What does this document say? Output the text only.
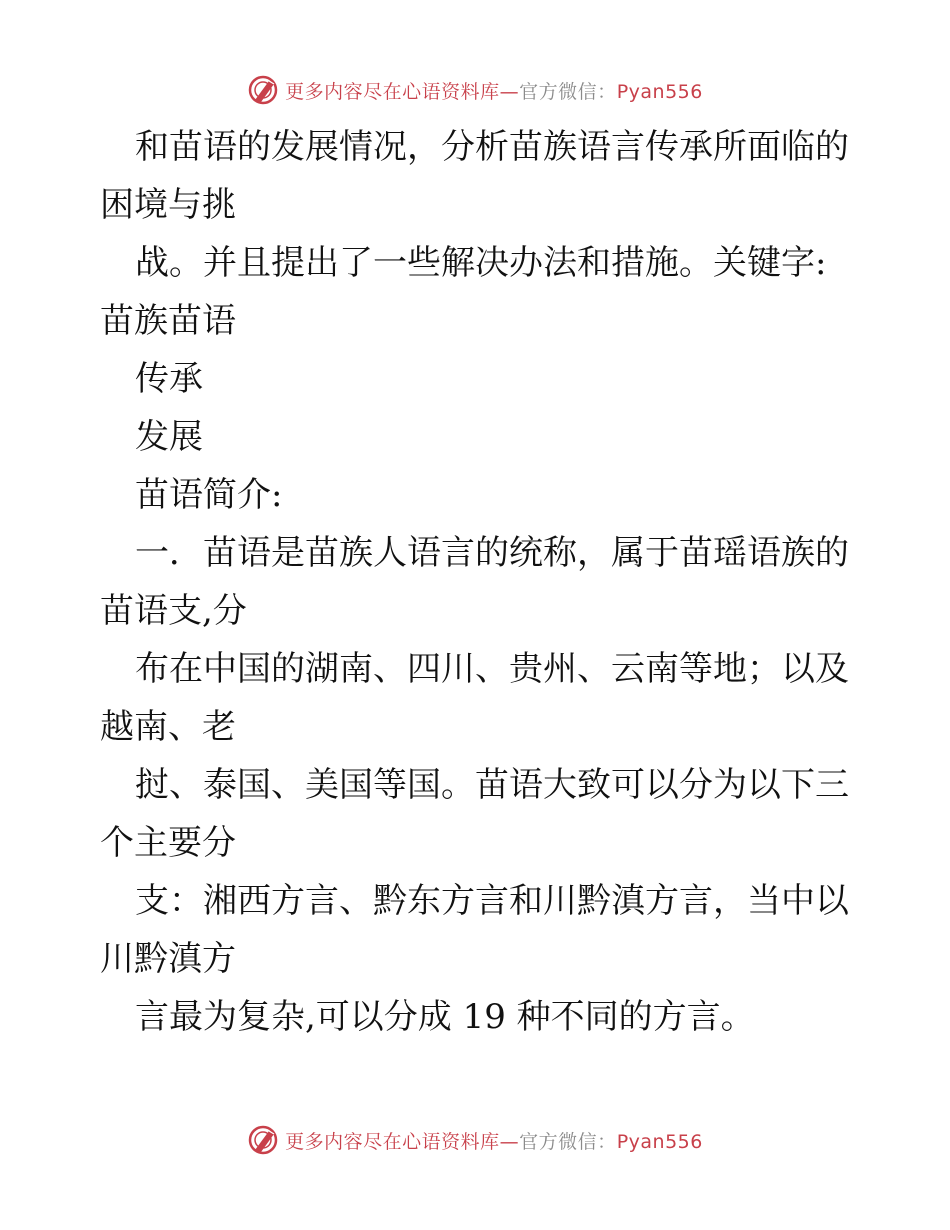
更多内容尽在心语资料库—官方微信：Pyan556
和苗语的发展情况，分析苗族语言传承所面临的
困境与挑
战。并且提出了一些解决办法和措施。关键字:
苗族苗语
传承
发展
苗语简介:
一．苗语是苗族人语言的统称，属于苗瑶语族的
苗语支,分
布在中国的湖南、四川、贵州、云南等地；以及
越南、老
挝、泰国、美国等国。苗语大致可以分为以下三
个主要分
支：湘西方言、黔东方言和川黔滇方言，当中以
川黔滇方
言最为复杂,可以分成 19 种不同的方言。
更多内容尽在心语资料库—官方微信：Pyan556
